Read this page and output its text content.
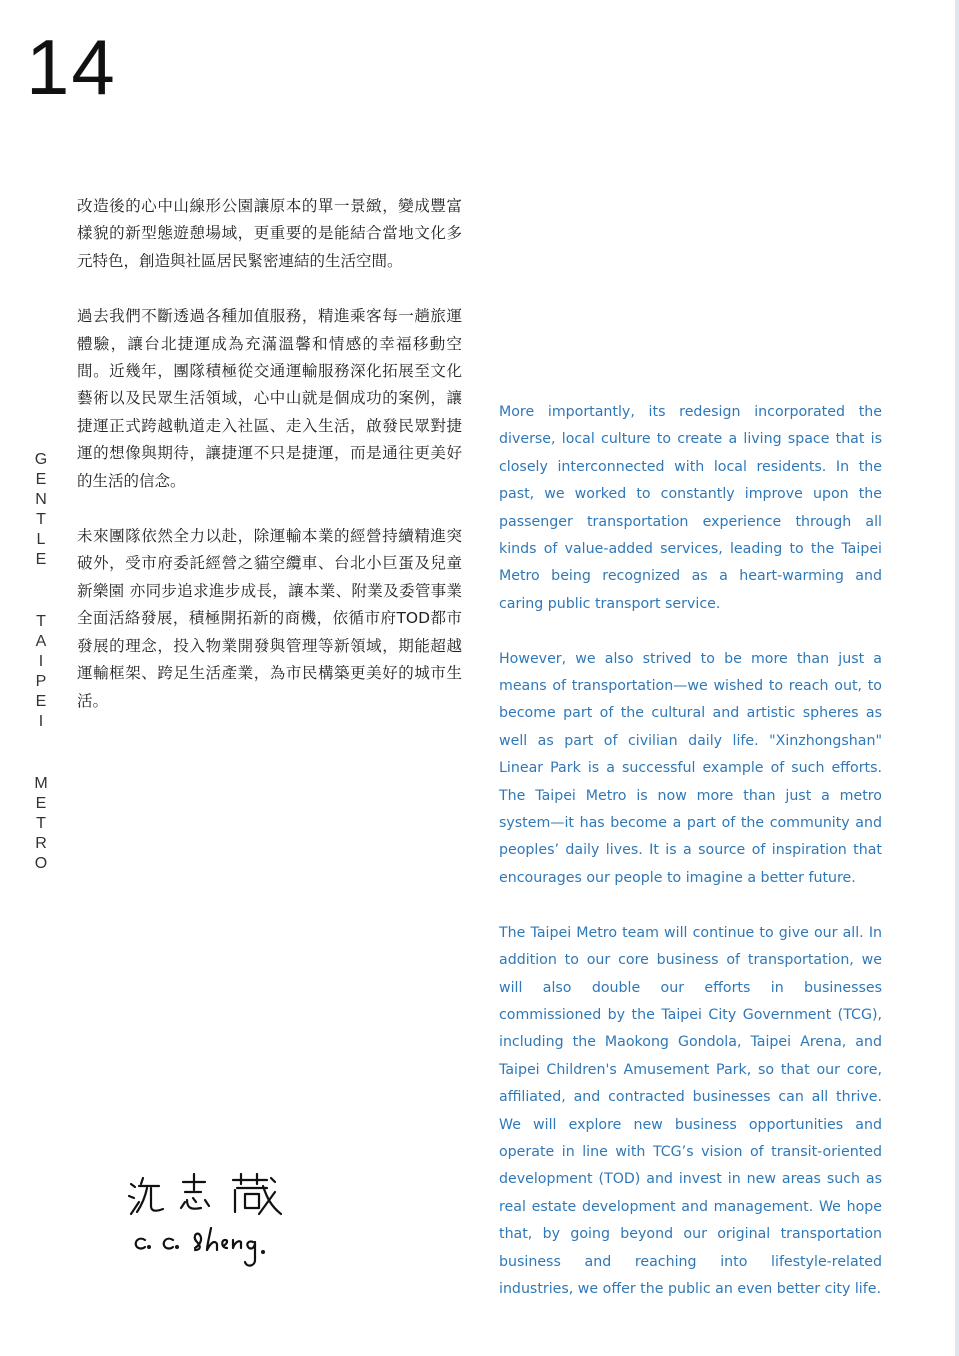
14
G
E
N
T
L
E
T
A
I
P
E
I
M
E
T
R
O

改造後的心中山線形公園讓原本的單一景緻，變成豐富樣貌的新型態遊憩場域，更重要的是能結合當地文化多元特色，創造與社區居民緊密連結的生活空間。

過去我們不斷透過各種加值服務，精進乘客每一趟旅運體驗，讓台北捷運成為充滿溫馨和情感的幸福移動空間。近幾年，團隊積極從交通運輸服務深化拓展至文化藝術以及民眾生活領域，心中山就是個成功的案例，讓捷運正式跨越軌道走入社區、走入生活，啟發民眾對捷運的想像與期待，讓捷運不只是捷運，而是通往更美好的生活的信念。

未來團隊依然全力以赴，除運輸本業的經營持續精進突破外，受市府委託經營之貓空纜車、台北小巨蛋及兒童新樂園 亦同步追求進步成長，讓本業、附業及委管事業全面活絡發展，積極開拓新的商機，依循市府TOD都市發展的理念，投入物業開發與管理等新領域，期能超越運輸框架、跨足生活產業，為市民構築更美好的城市生活。

More importantly, its redesign incorporated the diverse, local culture to create a living space that is closely interconnected with local residents. In the past, we worked to constantly improve upon the passenger transportation experience through all kinds of value-added services, leading to the Taipei Metro being recognized as a heart-warming and caring public transport service.

However, we also strived to be more than just a means of transportation—we wished to reach out, to become part of the cultural and artistic spheres as well as part of civilian daily life. "Xinzhongshan" Linear Park is a successful example of such efforts. The Taipei Metro is now more than just a metro system—it has become a part of the community and peoples’ daily lives. It is a source of inspiration that encourages our people to imagine a better future.

The Taipei Metro team will continue to give our all. In addition to our core business of transportation, we will also double our efforts in businesses commissioned by the Taipei City Government (TCG), including the Maokong Gondola, Taipei Arena, and Taipei Children's Amusement Park, so that our core, affiliated, and contracted businesses can all thrive. We will explore new business opportunities and operate in line with TCG’s vision of transit-oriented development (TOD) and invest in new areas such as real estate development and management. We hope that, by going beyond our original transportation business and reaching into lifestyle-related industries, we offer the public an even better city life.
